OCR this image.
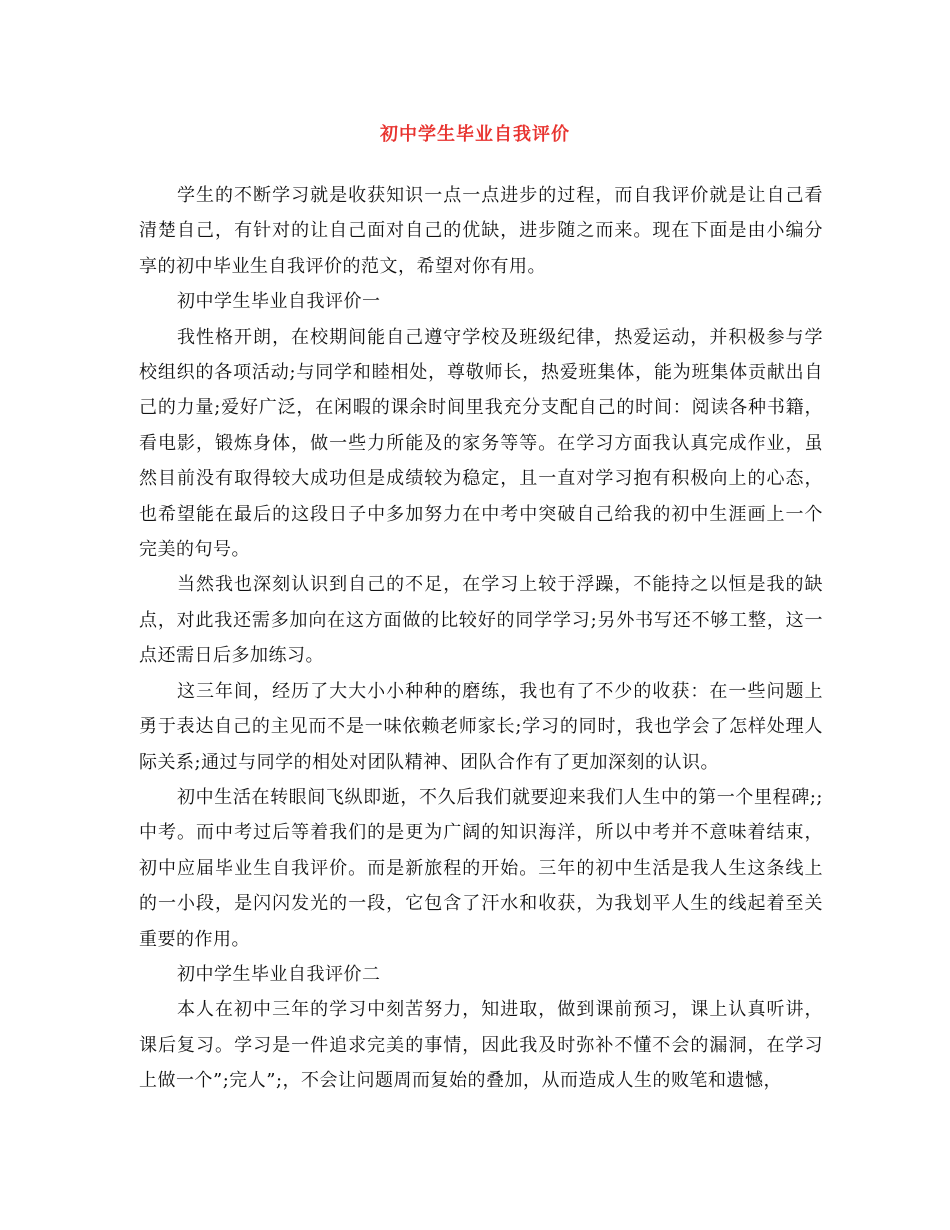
初中学生毕业自我评价

学生的不断学习就是收获知识一点一点进步的过程，而自我评价就是让自己看清楚自己，有针对的让自己面对自己的优缺，进步随之而来。现在下面是由小编分享的初中毕业生自我评价的范文，希望对你有用。

初中学生毕业自我评价一

我性格开朗，在校期间能自己遵守学校及班级纪律，热爱运动，并积极参与学校组织的各项活动;与同学和睦相处，尊敬师长，热爱班集体，能为班集体贡献出自己的力量;爱好广泛，在闲暇的课余时间里我充分支配自己的时间：阅读各种书籍，看电影，锻炼身体，做一些力所能及的家务等等。在学习方面我认真完成作业，虽然目前没有取得较大成功但是成绩较为稳定，且一直对学习抱有积极向上的心态，也希望能在最后的这段日子中多加努力在中考中突破自己给我的初中生涯画上一个完美的句号。

当然我也深刻认识到自己的不足，在学习上较于浮躁，不能持之以恒是我的缺点，对此我还需多加向在这方面做的比较好的同学学习;另外书写还不够工整，这一点还需日后多加练习。

这三年间，经历了大大小小种种的磨练，我也有了不少的收获：在一些问题上勇于表达自己的主见而不是一味依赖老师家长;学习的同时，我也学会了怎样处理人际关系;通过与同学的相处对团队精神、团队合作有了更加深刻的认识。

初中生活在转眼间飞纵即逝，不久后我们就要迎来我们人生中的第一个里程碑;;中考。而中考过后等着我们的是更为广阔的知识海洋，所以中考并不意味着结束，初中应届毕业生自我评价。而是新旅程的开始。三年的初中生活是我人生这条线上的一小段，是闪闪发光的一段，它包含了汗水和收获，为我划平人生的线起着至关重要的作用。

初中学生毕业自我评价二

本人在初中三年的学习中刻苦努力，知进取，做到课前预习，课上认真听讲，课后复习。学习是一件追求完美的事情，因此我及时弥补不懂不会的漏洞，在学习上做一个”;完人”;，不会让问题周而复始的叠加，从而造成人生的败笔和遗憾，
